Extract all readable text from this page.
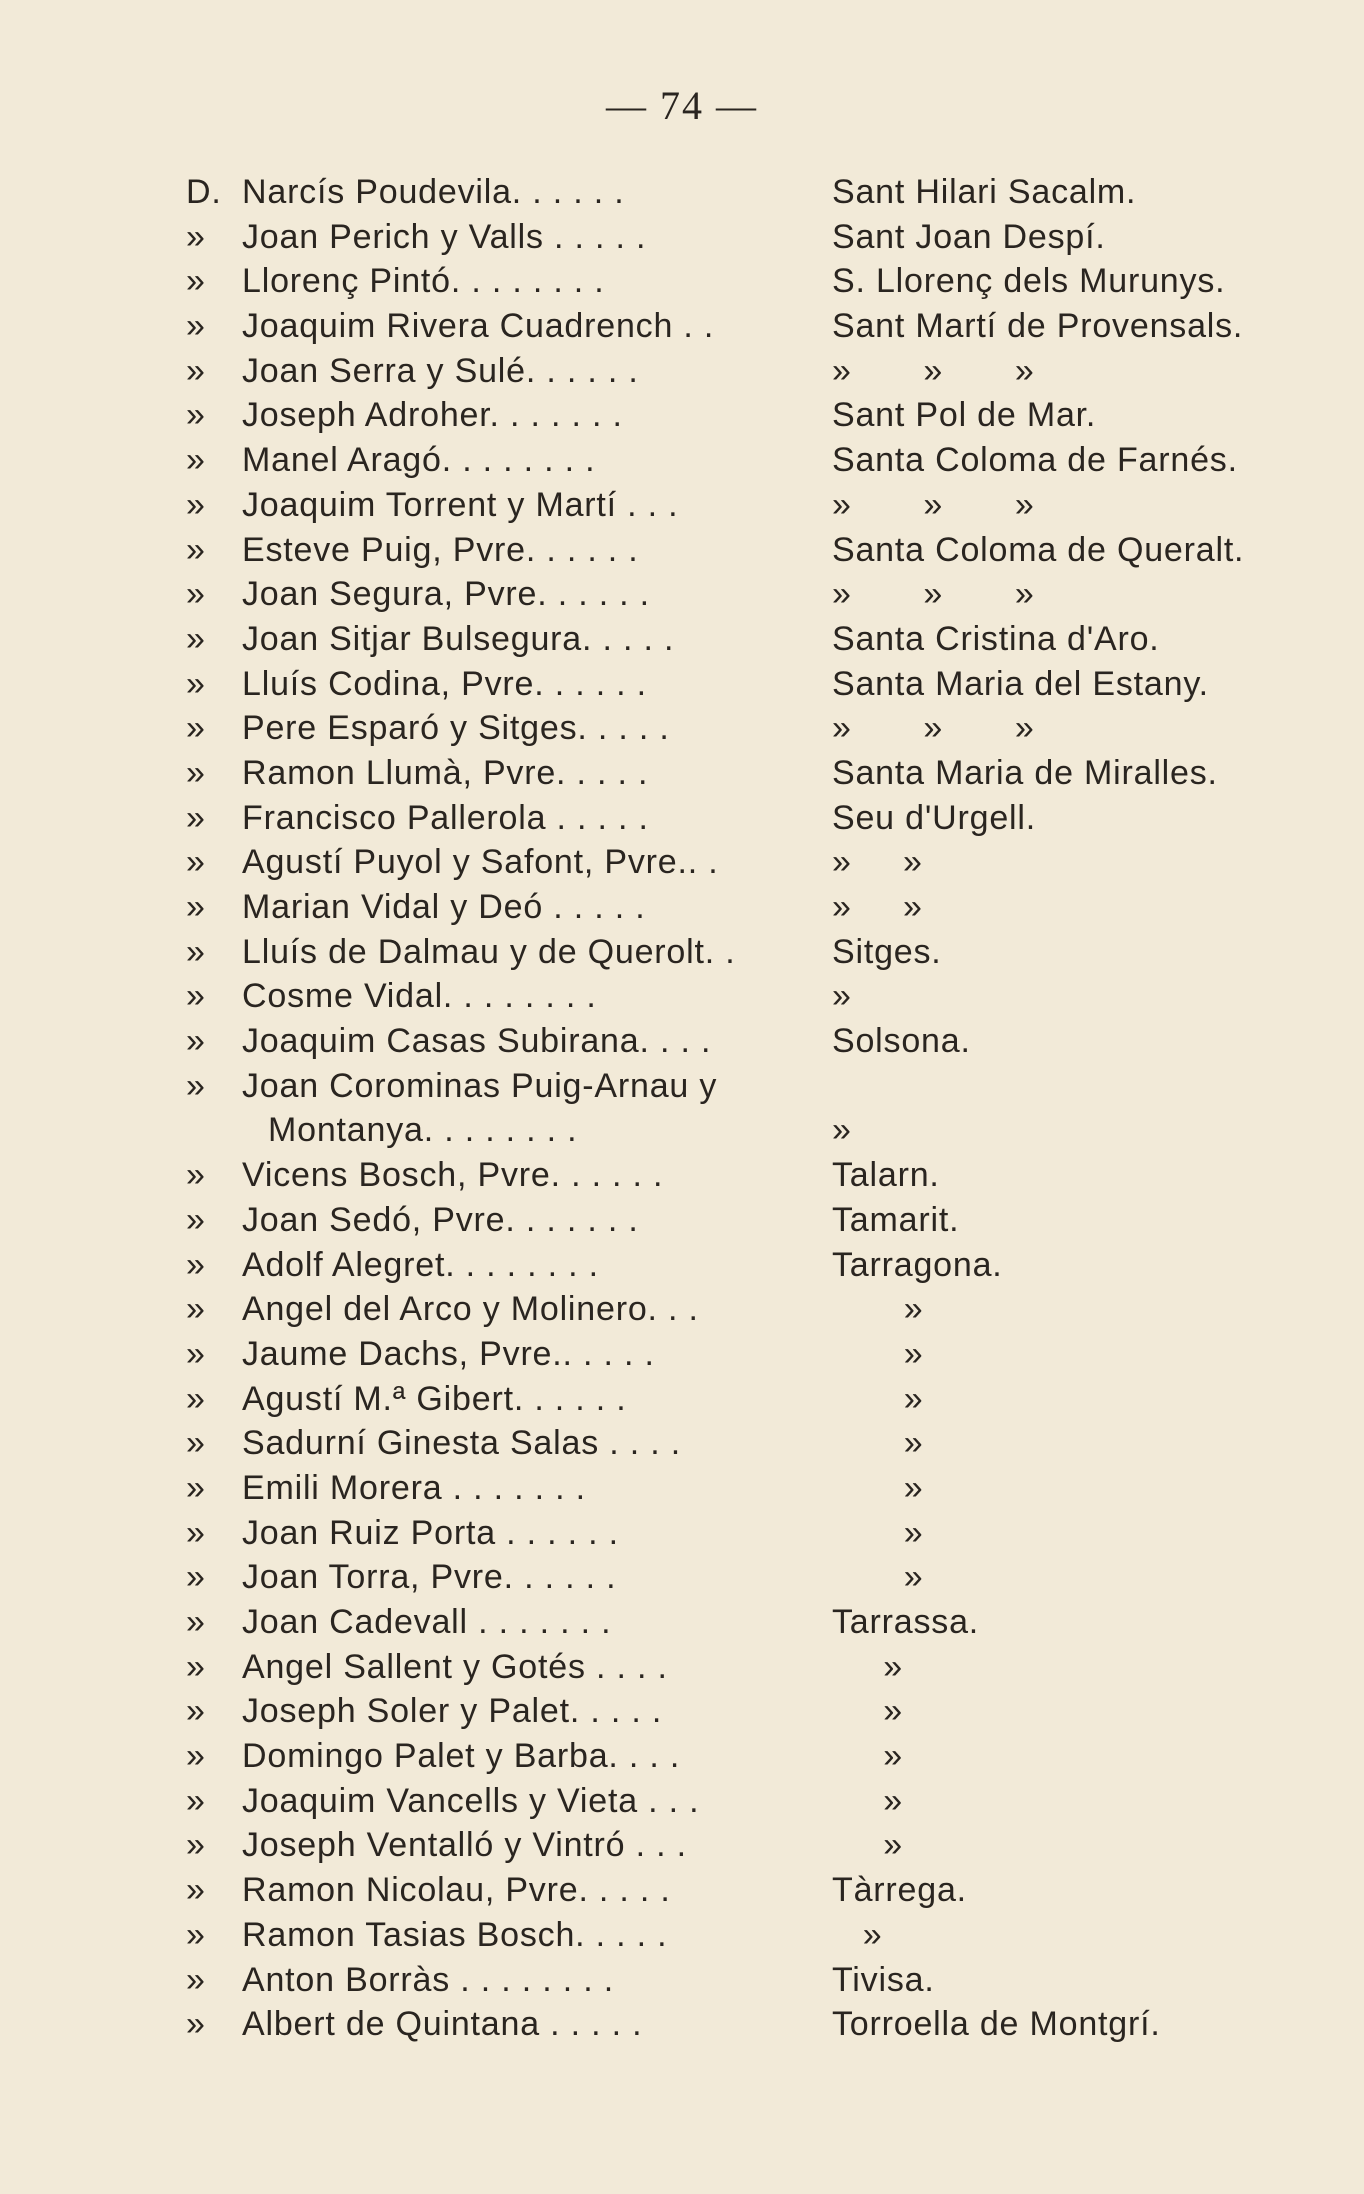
— 74 —
D. Narcís Poudevila. . . . . .	Sant Hilari Sacalm.
»	Joan Perich y Valls . . . . .	Sant Joan Despí.
»	Llorenç Pintó. . . . . . . .	S. Llorenç dels Murunys.
»	Joaquim Rivera Cuadrench . .	Sant Martí de Provensals.
»	Joan Serra y Sulé. . . . . .	»       »       »
»	Joseph Adroher. . . . . . .	Sant Pol de Mar.
»	Manel Aragó. . . . . . . .	Santa Coloma de Farnés.
»	Joaquim Torrent y Martí . . .	»       »       »
»	Esteve Puig, Pvre. . . . . .	Santa Coloma de Queralt.
»	Joan Segura, Pvre. . . . . .	»       »       »
»	Joan Sitjar Bulsegura. . . . .	Santa Cristina d'Aro.
»	Lluís Codina, Pvre. . . . . .	Santa Maria del Estany.
»	Pere Esparó y Sitges. . . . .	»       »       »
»	Ramon Llumà, Pvre. . . . .	Santa Maria de Miralles.
»	Francisco Pallerola . . . . .	Seu d'Urgell.
»	Agustí Puyol y Safont, Pvre.. .	»     »
»	Marian Vidal y Deó . . . . .	»     »
»	Lluís de Dalmau y de Querolt. .	Sitges.
»	Cosme Vidal. . . . . . . .	»
»	Joaquim Casas Subirana. . . .	Solsona.
»	Joan Corominas Puig-Arnau y
Montanya. . . . . . . .	»
»	Vicens Bosch, Pvre. . . . . .	Talarn.
»	Joan Sedó, Pvre. . . . . . .	Tamarit.
»	Adolf Alegret. . . . . . . .	Tarragona.
»	Angel del Arco y Molinero. . .	»
»	Jaume Dachs, Pvre.. . . . .	»
»	Agustí M.ª Gibert. . . . . .	»
»	Sadurní Ginesta Salas . . . .	»
»	Emili Morera . . . . . . .	»
»	Joan Ruiz Porta . . . . . .	»
»	Joan Torra, Pvre. . . . . .	»
»	Joan Cadevall . . . . . . .	Tarrassa.
»	Angel Sallent y Gotés . . . .	»
»	Joseph Soler y Palet. . . . .	»
»	Domingo Palet y Barba. . . .	»
»	Joaquim Vancells y Vieta . . .	»
»	Joseph Ventalló y Vintró . . .	»
»	Ramon Nicolau, Pvre. . . . .	Tàrrega.
»	Ramon Tasias Bosch. . . . .	»
»	Anton Borràs . . . . . . . .	Tivisa.
»	Albert de Quintana . . . . .	Torroella de Montgrí.
